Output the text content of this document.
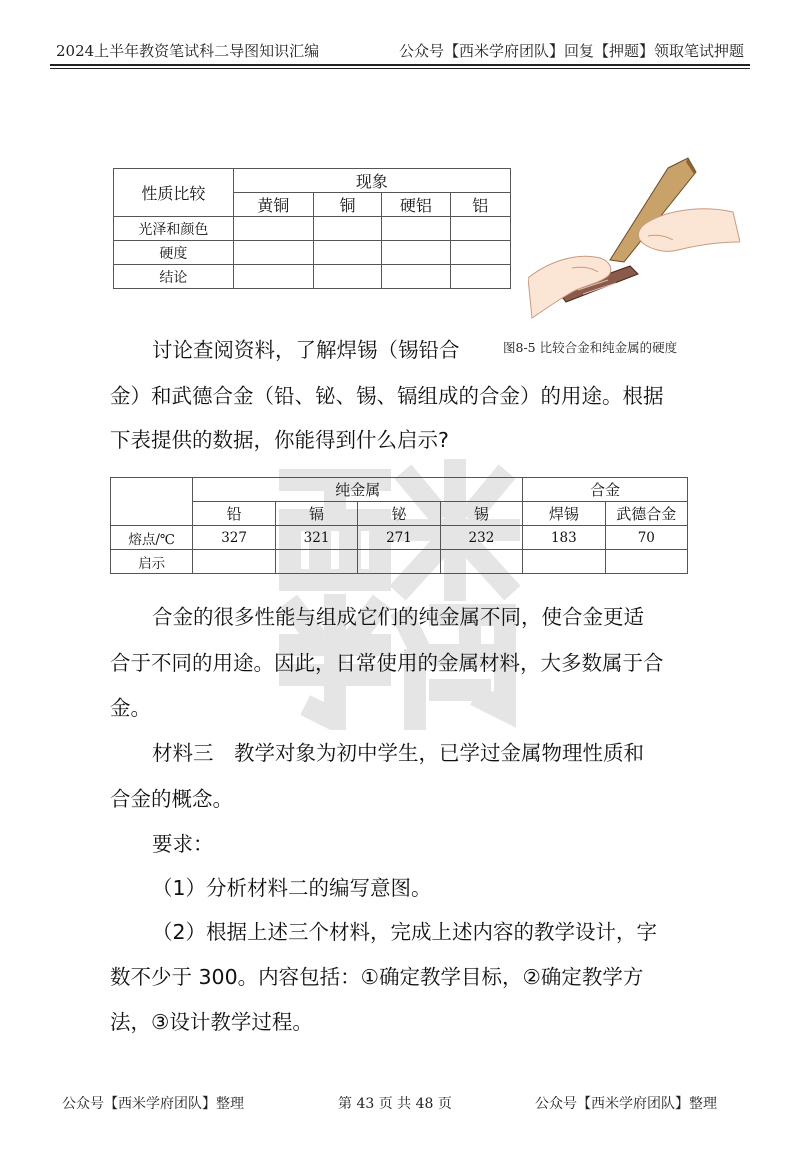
2024上半年教资笔试科二导图知识汇编	公众号【西米学府团队】回复【押题】领取笔试押题
性质比较	现象			
	黄铜	铜	硬铝	铝
光泽和颜色				
硬度				
结论				
图8-5 比较合金和纯金属的硬度
讨论查阅资料，了解焊锡（锡铅合
金）和武德合金（铅、铋、锡、镉组成的合金）的用途。根据
下表提供的数据，你能得到什么启示?
	纯金属				合金	
	铅	镉	铋	锡	焊锡	武德合金
熔点/℃	327	321	271	232	183	70
启示						
合金的很多性能与组成它们的纯金属不同，使合金更适
合于不同的用途。因此，日常使用的金属材料，大多数属于合
金。
材料三　教学对象为初中学生，已学过金属物理性质和
合金的概念。
要求：
（1）分析材料二的编写意图。
（2）根据上述三个材料，完成上述内容的教学设计，字
数不少于 300。内容包括：①确定教学目标，②确定教学方
法，③设计教学过程。
公众号【西米学府团队】整理	第 43 页 共 48 页	公众号【西米学府团队】整理
